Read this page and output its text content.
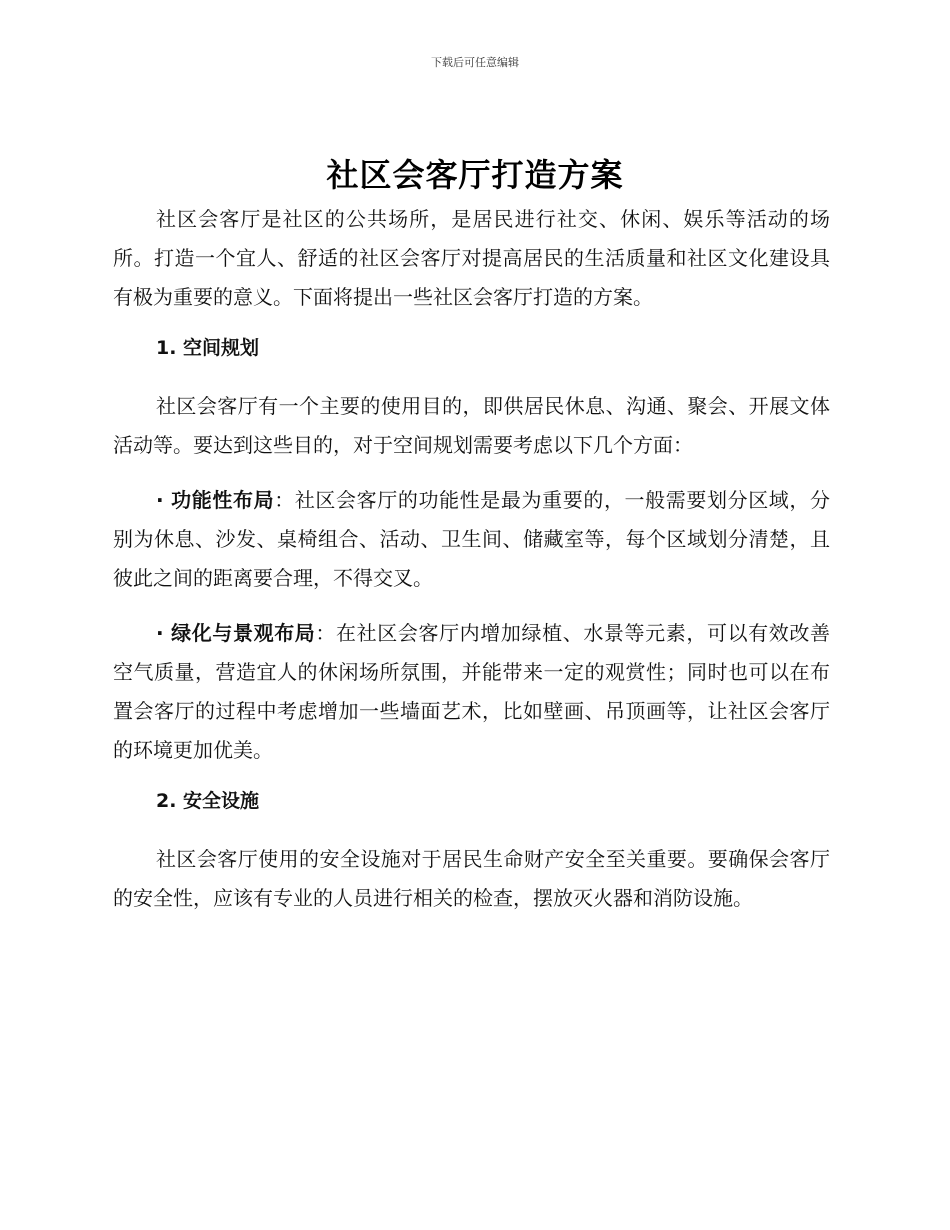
下载后可任意编辑
社区会客厅打造方案

社区会客厅是社区的公共场所，是居民进行社交、休闲、娱乐等活动的场所。打造一个宜人、舒适的社区会客厅对提高居民的生活质量和社区文化建设具有极为重要的意义。下面将提出一些社区会客厅打造的方案。

1. 空间规划

社区会客厅有一个主要的使用目的，即供居民休息、沟通、聚会、开展文体活动等。要达到这些目的，对于空间规划需要考虑以下几个方面：

· 功能性布局：社区会客厅的功能性是最为重要的，一般需要划分区域，分别为休息、沙发、桌椅组合、活动、卫生间、储藏室等，每个区域划分清楚，且彼此之间的距离要合理，不得交叉。

· 绿化与景观布局：在社区会客厅内增加绿植、水景等元素，可以有效改善空气质量，营造宜人的休闲场所氛围，并能带来一定的观赏性；同时也可以在布置会客厅的过程中考虑增加一些墙面艺术，比如壁画、吊顶画等，让社区会客厅的环境更加优美。

2. 安全设施

社区会客厅使用的安全设施对于居民生命财产安全至关重要。要确保会客厅的安全性，应该有专业的人员进行相关的检查，摆放灭火器和消防设施。
